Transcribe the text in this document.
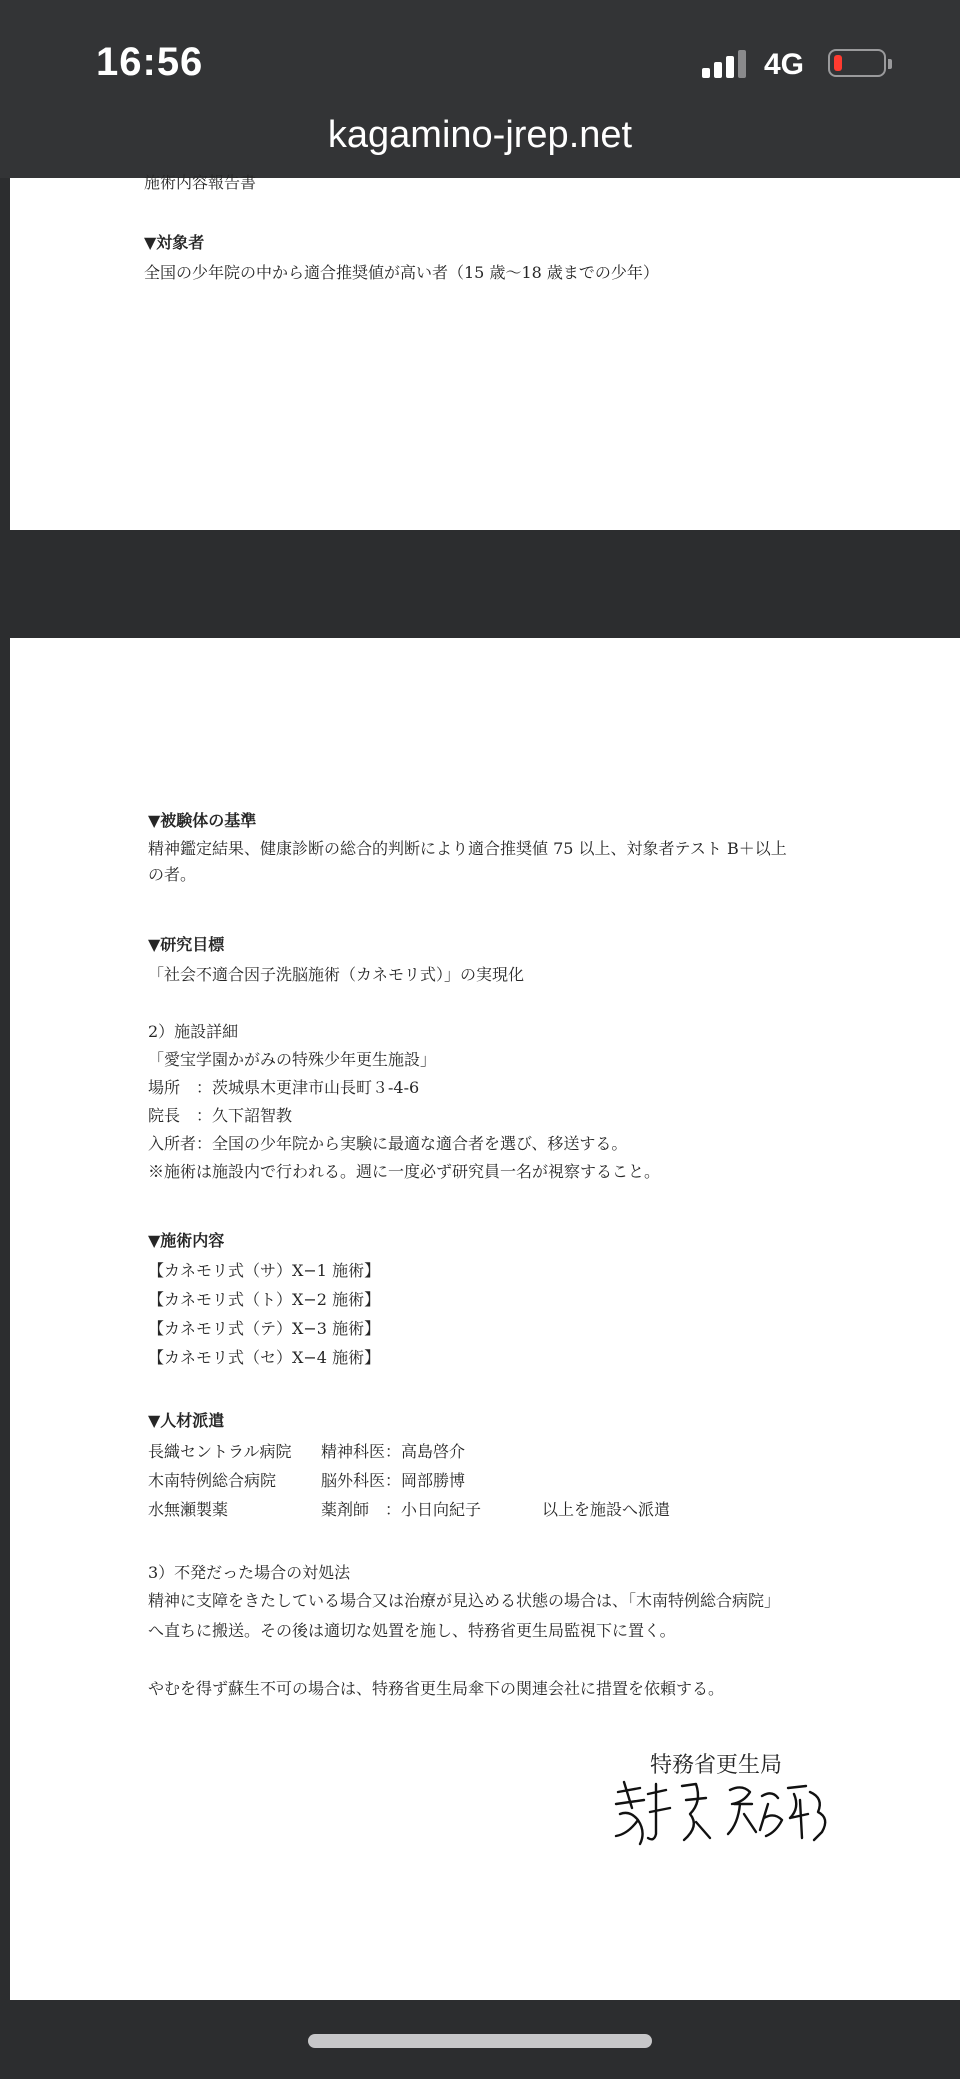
16:56	4G
kagamino-jrep.net
施術内容報告書
▼対象者
全国の少年院の中から適合推奨値が高い者（15 歳〜18 歳までの少年）
▼被験体の基準
精神鑑定結果、健康診断の総合的判断により適合推奨値 75 以上、対象者テスト B＋以上
の者。
▼研究目標
「社会不適合因子洗脳施術（カネモリ式）」の実現化
2）施設詳細
「愛宝学園かがみの特殊少年更生施設」
場所　：茨城県木更津市山長町３-4-6
院長　：久下詔智教
入所者：全国の少年院から実験に最適な適合者を選び、移送する。
※施術は施設内で行われる。週に一度必ず研究員一名が視察すること。
▼施術内容
【カネモリ式（サ）X−1 施術】
【カネモリ式（ト）X−2 施術】
【カネモリ式（テ）X−3 施術】
【カネモリ式（セ）X−4 施術】
▼人材派遣
長織セントラル病院 精神科医：高島啓介
木南特例総合病院	脳外科医：岡部勝博
水無瀬製薬	薬剤師　：小日向紀子	以上を施設へ派遣
3）不発だった場合の対処法
精神に支障をきたしている場合又は治療が見込める状態の場合は、「木南特例総合病院」
へ直ちに搬送。その後は適切な処置を施し、特務省更生局監視下に置く。
やむを得ず蘇生不可の場合は、特務省更生局傘下の関連会社に措置を依頼する。
特務省更生局
